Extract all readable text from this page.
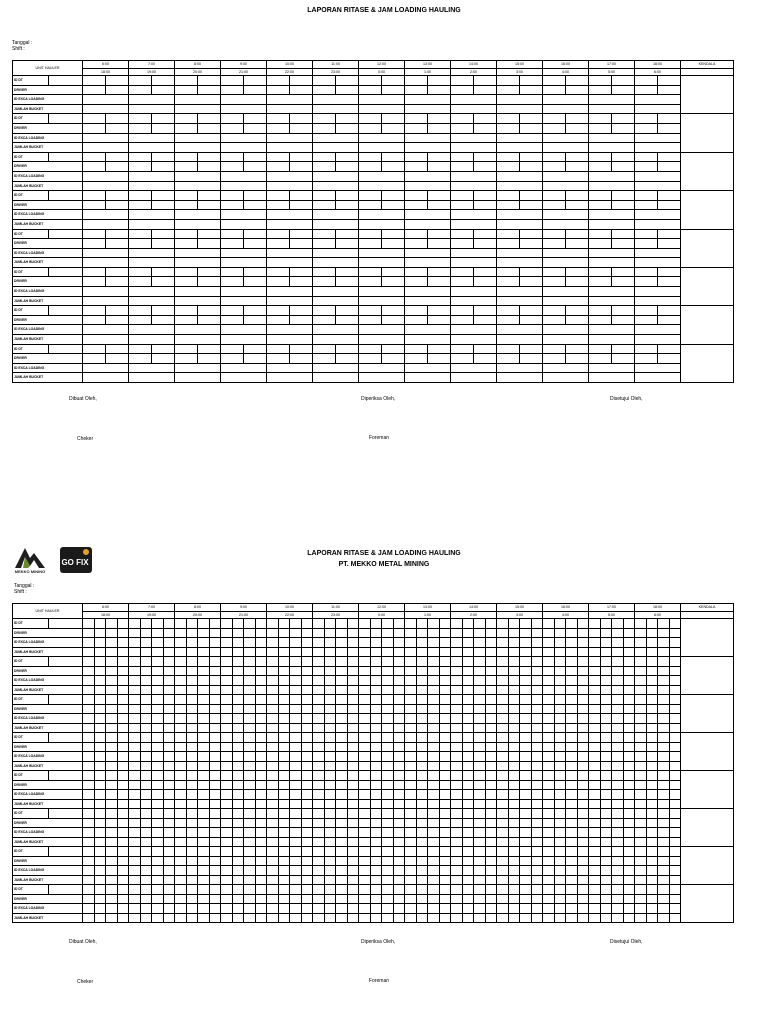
LAPORAN RITASE & JAM LOADING HAULING
Tanggal :
Shift :
UNIT HAULER		6:00		7:00		8:00		9:00		10:00		11:00		12:00		13:00		14:00		15:00		16:00		17:00		18:00		KENDALA
		18:00		19:00		20:00		21:00		22:00		23:00		0:00		1:00		2:00		3:00		4:00		5:00		6:00		
ID DT																												
DRIVER																												
ID EXCA LOADING																												
JUMLAH BUCKET																												
ID DT																												
DRIVER																												
ID EXCA LOADING																												
JUMLAH BUCKET																												
ID DT																												
DRIVER																												
ID EXCA LOADING																												
JUMLAH BUCKET																												
ID DT																												
DRIVER																												
ID EXCA LOADING																												
JUMLAH BUCKET																												
ID DT																												
DRIVER																												
ID EXCA LOADING																												
JUMLAH BUCKET																												
ID DT																												
DRIVER																												
ID EXCA LOADING																												
JUMLAH BUCKET																												
ID DT																												
DRIVER																												
ID EXCA LOADING																												
JUMLAH BUCKET																												
ID DT																												
DRIVER																												
ID EXCA LOADING																												
JUMLAH BUCKET																												
Dibuat Oleh,	Diperiksa Oleh,	Disetujui Oleh,
Cheker	Foreman
MEKKO MINING
GO FIX
LAPORAN RITASE & JAM LOADING HAULING
PT. MEKKO METAL MINING
Tanggal :
Shift :
UNIT HAULER		6:00				7:00				8:00				9:00				10:00				11:00				12:00				13:00				14:00				15:00				16:00				17:00				18:00				KENDALA
		18:00				19:00				20:00				21:00				22:00				23:00				0:00				1:00				2:00				3:00				4:00				5:00				6:00				
ID DT																																																						
DRIVER																																																						
ID EXCA LOADING																																																						
JUMLAH BUCKET																																																						
ID DT																																																						
DRIVER																																																						
ID EXCA LOADING																																																						
JUMLAH BUCKET																																																						
ID DT																																																						
DRIVER																																																						
ID EXCA LOADING																																																						
JUMLAH BUCKET																																																						
ID DT																																																						
DRIVER																																																						
ID EXCA LOADING																																																						
JUMLAH BUCKET																																																						
ID DT																																																						
DRIVER																																																						
ID EXCA LOADING																																																						
JUMLAH BUCKET																																																						
ID DT																																																						
DRIVER																																																						
ID EXCA LOADING																																																						
JUMLAH BUCKET																																																						
ID DT																																																						
DRIVER																																																						
ID EXCA LOADING																																																						
JUMLAH BUCKET																																																						
ID DT																																																						
DRIVER																																																						
ID EXCA LOADING																																																						
JUMLAH BUCKET																																																						
Dibuat Oleh,	Diperiksa Oleh,	Disetujui Oleh,
Cheker	Foreman
